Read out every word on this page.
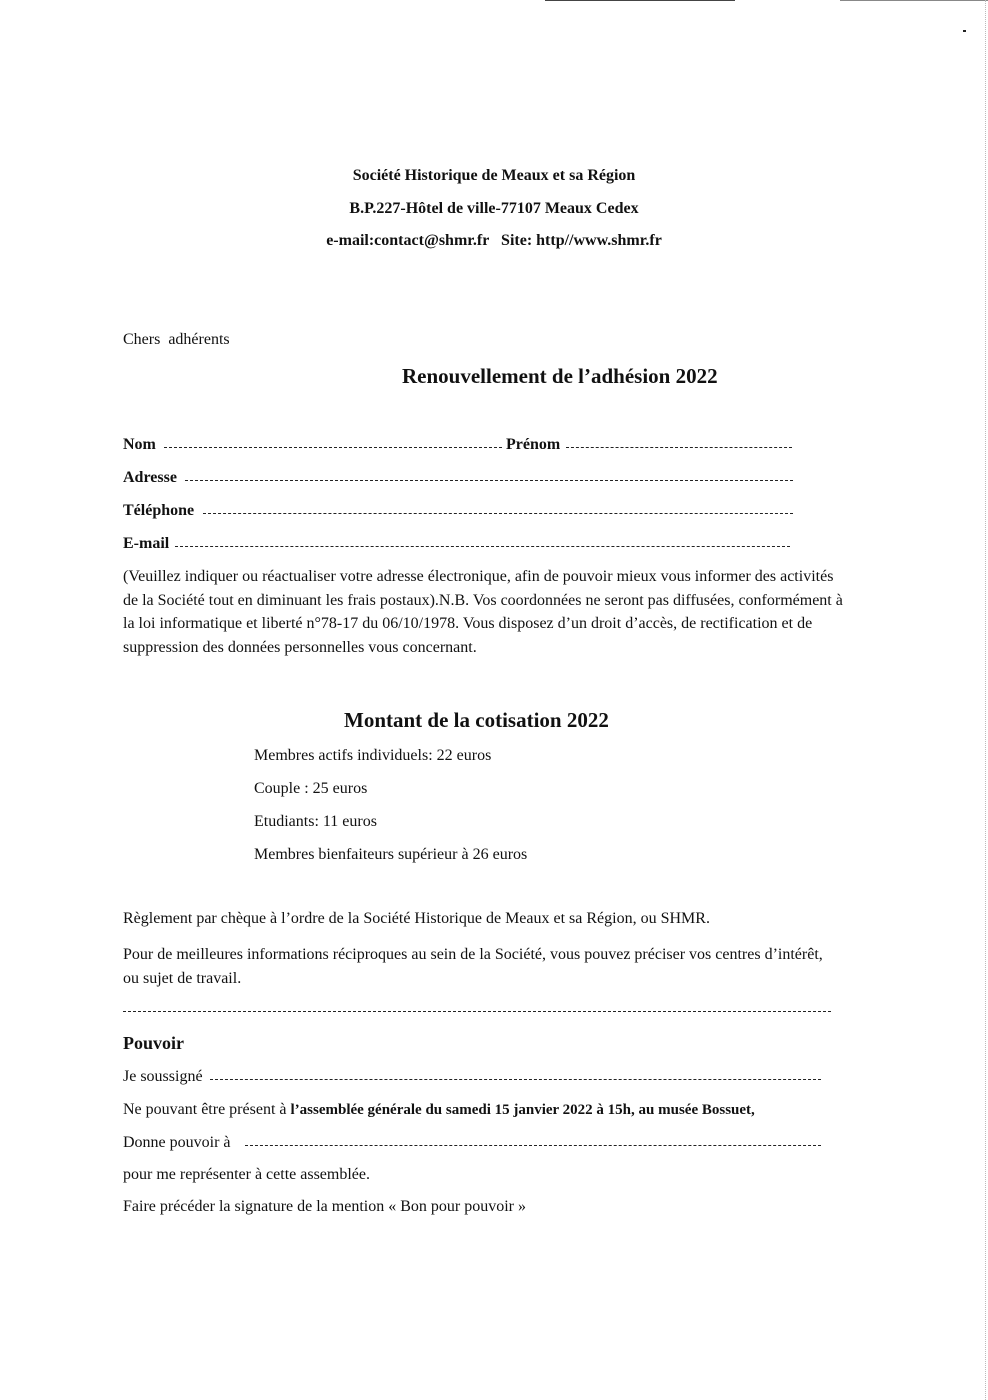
Société Historique de Meaux et sa Région
B.P.227-Hôtel de ville-77107 Meaux Cedex
e-mail:contact@shmr.fr   Site: http//www.shmr.fr
Chers  adhérents
Renouvellement de l’adhésion 2022
Nom	Prénom
Adresse
Téléphone
E-mail
(Veuillez indiquer ou réactualiser votre adresse électronique, afin de pouvoir mieux vous informer des activités de la Société tout en diminuant les frais postaux).N.B. Vos coordonnées ne seront pas diffusées, conformément à la loi informatique et liberté n°78-17 du 06/10/1978. Vous disposez d’un droit d’accès, de rectification et de suppression des données personnelles vous concernant.
Montant de la cotisation 2022
Membres actifs individuels: 22 euros
Couple : 25 euros
Etudiants: 11 euros
Membres bienfaiteurs supérieur à 26 euros
Règlement par chèque à l’ordre de la Société Historique de Meaux et sa Région, ou SHMR.
Pour de meilleures informations réciproques au sein de la Société, vous pouvez préciser vos centres d’intérêt, ou sujet de travail.
Pouvoir
Je soussigné
Ne pouvant être présent à l’assemblée générale du samedi 15 janvier 2022 à 15h, au musée Bossuet,
Donne pouvoir à
pour me représenter à cette assemblée.
Faire précéder la signature de la mention « Bon pour pouvoir »
